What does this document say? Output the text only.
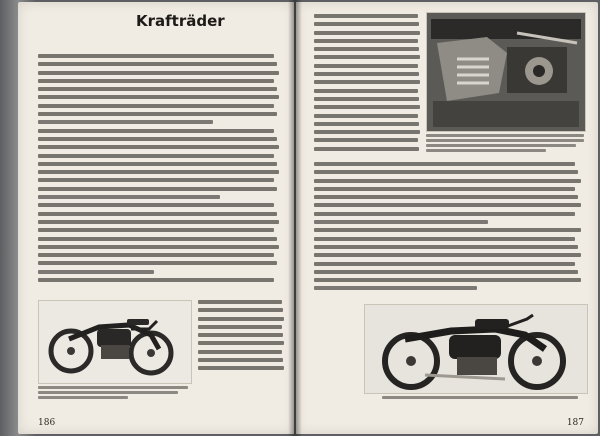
Krafträder
186	187
